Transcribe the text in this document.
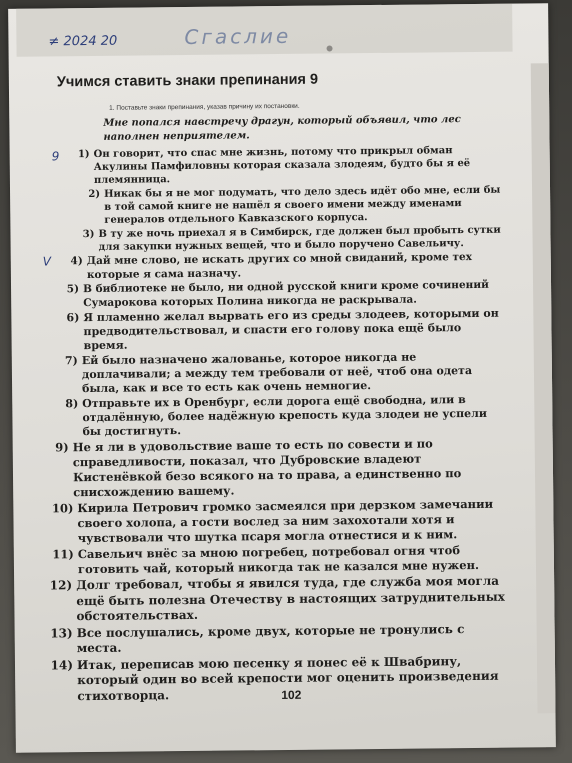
≠ 2024 20	Сгаслие
Учимся ставить знаки препинания 9
1. Поставьте знаки препинания, указав причину их постановки.
Мне попался навстречу драгун, который объявил, что лес наполнен неприятелем.
9	1) Он говорит, что спас мне жизнь, потому что прикрыл обман Акулины Памфиловны которая сказала злодеям, будто бы я её племянница.
2) Никак бы я не мог подумать, что дело здесь идёт обо мне, если бы в той самой книге не нашёл я своего имени между именами генералов отдельного Кавказского корпуса.
3) В ту же ночь приехал я в Симбирск, где должен был пробыть сутки для закупки нужных вещей, что и было поручено Савельичу.
V	4) Дай мне слово, не искать других со мной свиданий, кроме тех которые я сама назначу.
5) В библиотеке не было, ни одной русской книги кроме сочинений Сумарокова которых Полина никогда не раскрывала.
6) Я пламенно желал вырвать его из среды злодеев, которыми он предводительствовал, и спасти его голову пока ещё было время.
7) Ей было назначено жалованье, которое никогда не доплачивали; а между тем требовали от неё, чтоб она одета была, как и все то есть как очень немногие.
8) Отправьте их в Оренбург, если дорога ещё свободна, или в отдалённую, более надёжную крепость куда злодеи не успели бы достигнуть.
9) Не я ли в удовольствие ваше то есть по совести и по справедливости, показал, что Дубровские владеют Кистенёвкой безо всякого на то права, а единственно по снисхождению вашему.
10) Кирила Петрович громко засмеялся при дерзком замечании своего холопа, а гости вослед за ним захохотали хотя и чувствовали что шутка псаря могла отнестися и к ним.
11) Савельич внёс за мною погребец, потребовал огня чтоб готовить чай, который никогда так не казался мне нужен.
12) Долг требовал, чтобы я явился туда, где служба моя могла ещё быть полезна Отечеству в настоящих затруднительных обстоятельствах.
13) Все послушались, кроме двух, которые не тронулись с места.
14) Итак, переписав мою песенку я понес её к Швабрину, который один во всей крепости мог оценить произведения стихотворца.	102
